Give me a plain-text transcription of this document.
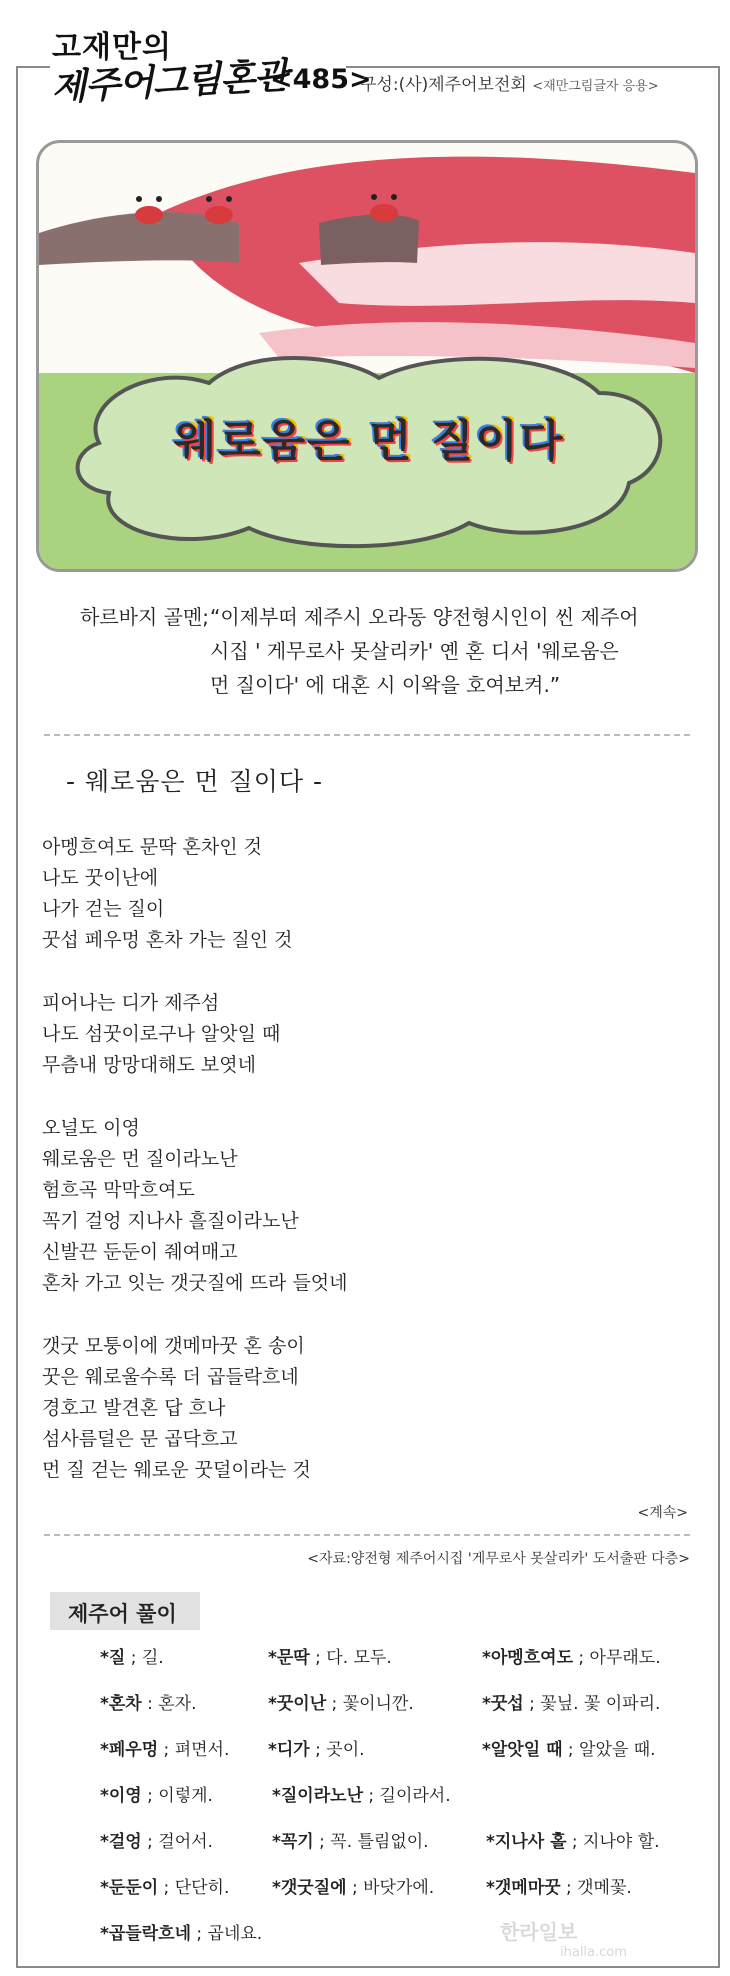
고재만의
제주어그림혼관
<485>
구성:(사)제주어보전회 <재만그림글자 응용>
웨로움은 먼 질이다
하르바지 골멘; “이제부떠 제주시 오라동 양전형시인이 씬 제주어
시집 ' 게무로사 못살리카' 옌 혼 디서 '웨로움은
먼 질이다' 에 대혼 시 이왁을 호여보켜.”
- 웨로움은 먼 질이다 -
아멩흐여도 문딱 혼차인 것
나도 꿋이난에
나가 걷는 질이
꿋섭 페우멍 혼차 가는 질인 것
피어나는 디가 제주섬
나도 섬꿋이로구나 알앗일 때
무츰내 망망대해도 보엿네
오널도 이영
웨로움은 먼 질이라노난
험흐곡 막막흐여도
꼭기 걸엉 지나사 흘질이라노난
신발끈 둔둔이 줴여매고
혼차 가고 잇는 갯굿질에 뜨라 들엇네
갯굿 모퉁이에 갯메마꿋 혼 송이
꿋은 웨로울수록 더 곱들락흐네
경호고 발견혼 답 흐나
섬사름덜은 문 곱닥흐고
먼 질 걷는 웨로운 꿋덜이라는 것
<계속>
<자료:양전형 제주어시집 '게무로사 못살리카' 도서출판 다층>
제주어 풀이
*질 ; 길.	*문딱 ; 다. 모두.	*아멩흐여도 ; 아무래도.
*혼차 : 혼자.	*꿋이난 ; 꽃이니깐.	*꿋섭 ; 꽃닢. 꽃 이파리.
*페우멍 ; 펴면서. *디가 ; 곳이.	*알앗일 때 ; 알았을 때.
*이영 ; 이렇게.	*질이라노난 ; 길이라서.
*걸엉 ; 걸어서.	*꼭기 ; 꼭. 틀림없이.	*지나사 홀 ; 지나야 할.
*둔둔이 ; 단단히.	*갯굿질에 ; 바닷가에.	*갯메마꿋 ; 갯메꽃.
*곱들락흐네 ; 곱네요.	한라일보
ihalla.com
